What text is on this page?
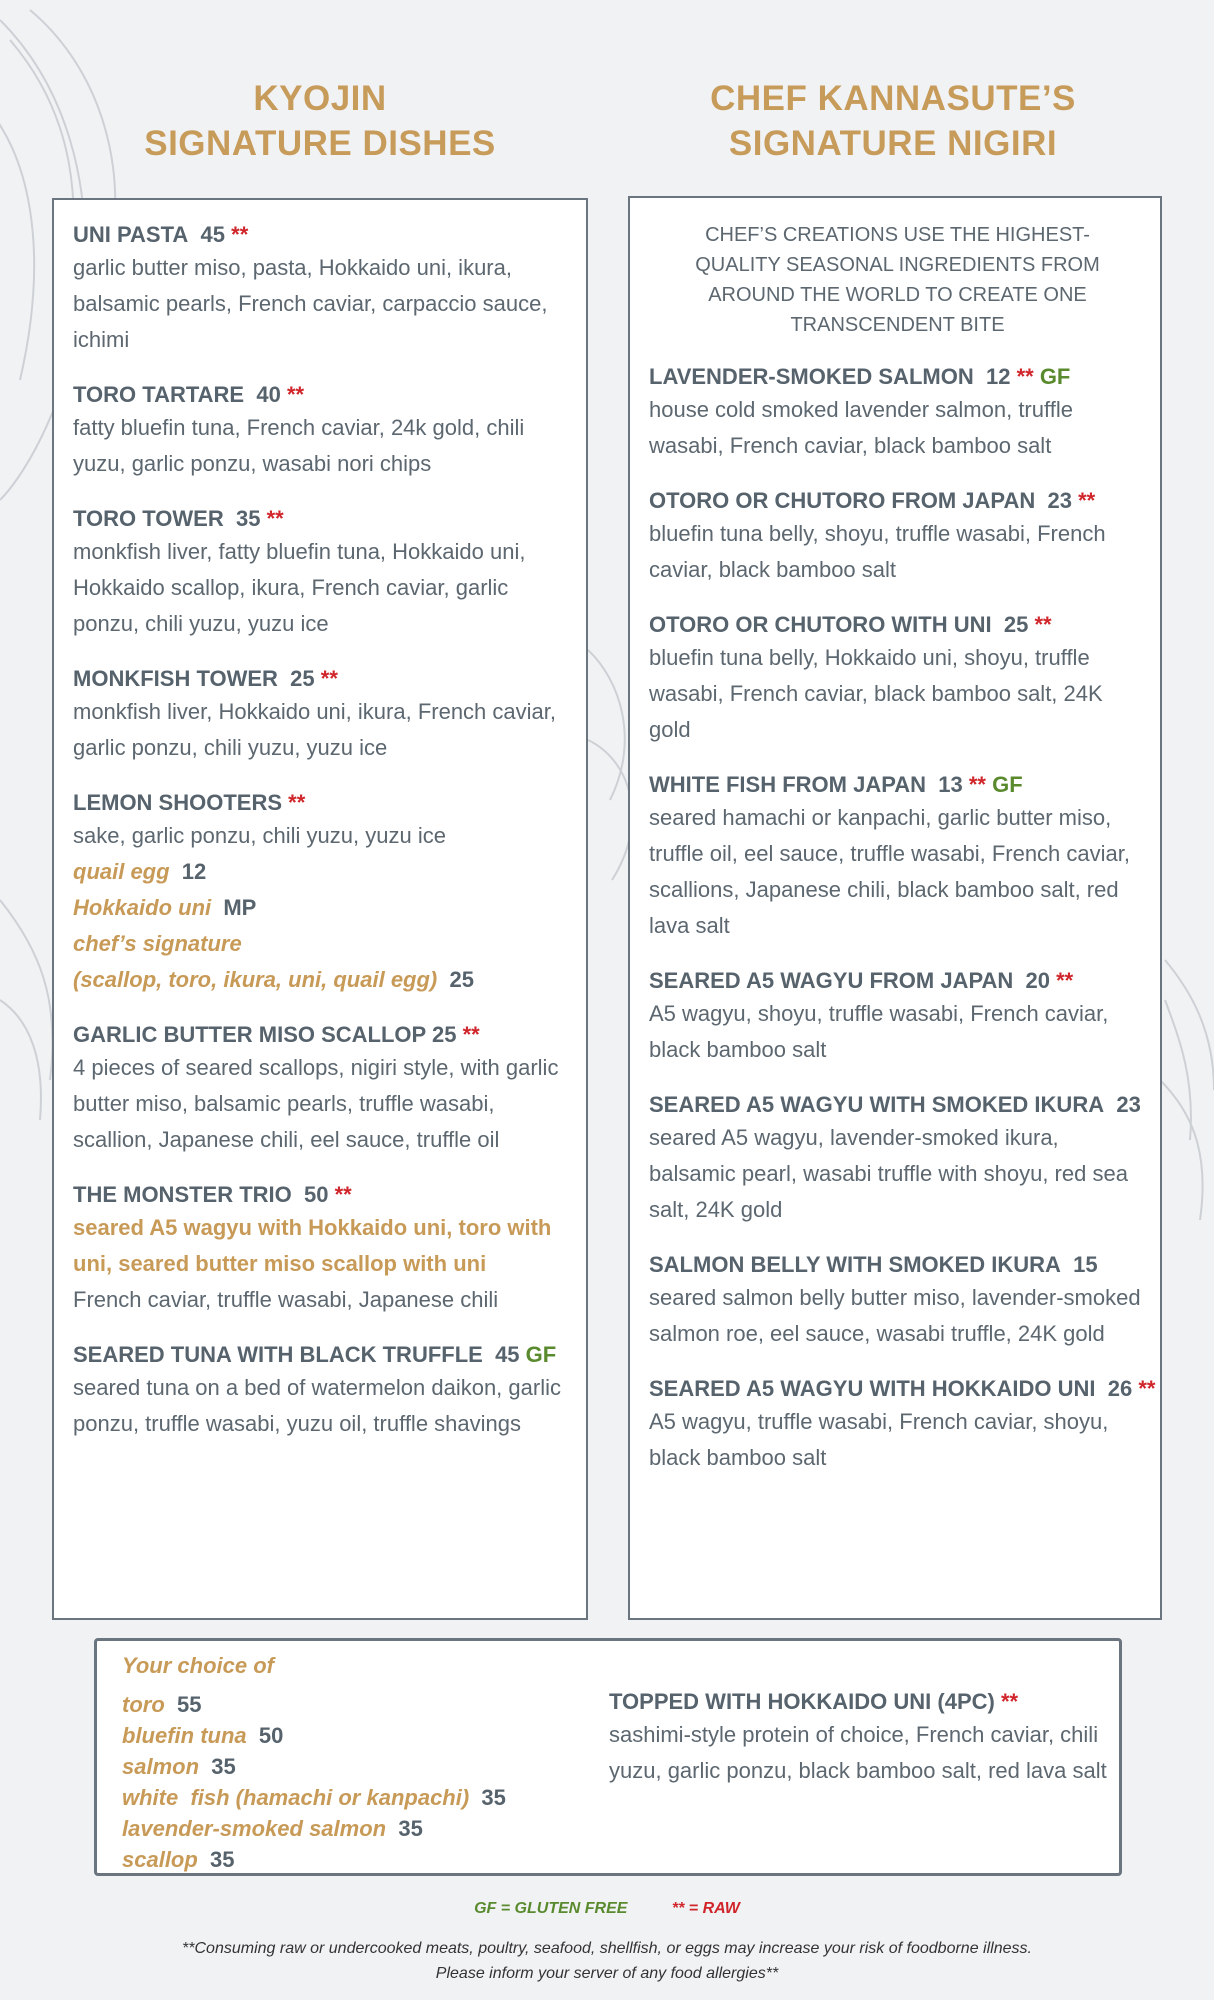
KYOJIN
SIGNATURE DISHES
CHEF KANNASUTE’S
SIGNATURE NIGIRI
UNI PASTA 45 **
garlic butter miso, pasta, Hokkaido uni, ikura, balsamic pearls, French caviar, carpaccio sauce, ichimi
TORO TARTARE 40 **
fatty bluefin tuna, French caviar, 24k gold, chili yuzu, garlic ponzu, wasabi nori chips
TORO TOWER 35 **
monkfish liver, fatty bluefin tuna, Hokkaido uni, Hokkaido scallop, ikura, French caviar, garlic ponzu, chili yuzu, yuzu ice
MONKFISH TOWER 25 **
monkfish liver, Hokkaido uni, ikura, French caviar, garlic ponzu, chili yuzu, yuzu ice
LEMON SHOOTERS **
sake, garlic ponzu, chili yuzu, yuzu ice
quail egg 12
Hokkaido uni MP
chef’s signature
(scallop, toro, ikura, uni, quail egg) 25
GARLIC BUTTER MISO SCALLOP 25 **
4 pieces of seared scallops, nigiri style, with garlic butter miso, balsamic pearls, truffle wasabi, scallion, Japanese chili, eel sauce, truffle oil
THE MONSTER TRIO 50 **
seared A5 wagyu with Hokkaido uni, toro with uni, seared butter miso scallop with uni
French caviar, truffle wasabi, Japanese chili
SEARED TUNA WITH BLACK TRUFFLE 45 GF
seared tuna on a bed of watermelon daikon, garlic ponzu, truffle wasabi, yuzu oil, truffle shavings
CHEF’S CREATIONS USE THE HIGHEST-QUALITY SEASONAL INGREDIENTS FROM AROUND THE WORLD TO CREATE ONE TRANSCENDENT BITE
LAVENDER-SMOKED SALMON 12 ** GF
house cold smoked lavender salmon, truffle wasabi, French caviar, black bamboo salt
OTORO OR CHUTORO FROM JAPAN 23 **
bluefin tuna belly, shoyu, truffle wasabi, French caviar, black bamboo salt
OTORO OR CHUTORO WITH UNI 25 **
bluefin tuna belly, Hokkaido uni, shoyu, truffle wasabi, French caviar, black bamboo salt, 24K gold
WHITE FISH FROM JAPAN 13 ** GF
seared hamachi or kanpachi, garlic butter miso, truffle oil, eel sauce, truffle wasabi, French caviar, scallions, Japanese chili, black bamboo salt, red lava salt
SEARED A5 WAGYU FROM JAPAN 20 **
A5 wagyu, shoyu, truffle wasabi, French caviar, black bamboo salt
SEARED A5 WAGYU WITH SMOKED IKURA 23
seared A5 wagyu, lavender-smoked ikura, balsamic pearl, wasabi truffle with shoyu, red sea salt, 24K gold
SALMON BELLY WITH SMOKED IKURA 15
seared salmon belly butter miso, lavender-smoked salmon roe, eel sauce, wasabi truffle, 24K gold
SEARED A5 WAGYU WITH HOKKAIDO UNI 26 **
A5 wagyu, truffle wasabi, French caviar, shoyu, black bamboo salt
Your choice of
toro 55
bluefin tuna 50
salmon 35
white  fish (hamachi or kanpachi) 35
lavender-smoked salmon 35
scallop 35
TOPPED WITH HOKKAIDO UNI (4PC) **
sashimi-style protein of choice, French caviar, chili yuzu, garlic ponzu, black bamboo salt, red lava salt
GF = GLUTEN FREE	** = RAW
**Consuming raw or undercooked meats, poultry, seafood, shellfish, or eggs may increase your risk of foodborne illness.
Please inform your server of any food allergies**
